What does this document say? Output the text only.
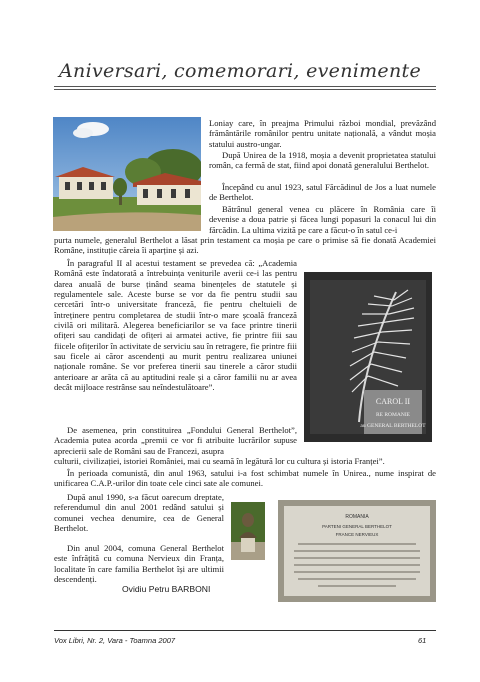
Aniversari, comemorari, evenimente
CAROL II
RE ROMANIE
au GENERAL BERTHELOT
ROMANIA
PARTENI GENERAL BERTHELOT
FRANCE NERVIEUX

Loniay care, în preajma Primului război mondial, prevăzând frământările românilor pentru unitate națională, a vândut moșia statului austro-ungar.

După Unirea de la 1918, moșia a devenit proprietatea statului român, ca fermă de stat, fiind apoi donată generalului Berthelot.

Începând cu anul 1923, satul Fărcădinul de Jos a luat numele de Berthelot.

Bătrânul general venea cu plăcere în România care îi devenise a doua patrie și făcea lungi popasuri la conacul lui din fărcădin. La ultima vizită pe care a făcut-o în satul ce-i

purta numele, generalul Berthelot a lăsat prin testament ca moșia pe care o primise să fie donată Academiei Române, instituție căreia îi aparține și azi.

În paragraful II al acestui testament se prevedea că: „Academia Română este îndatorată a întrebuința veniturile averii ce-i las pentru darea anuală de burse ținând seama binențeles de statutele și regulamentele sale. Aceste burse se vor da fie pentru studii sau cercetări într-o universitate franceză, fie pentru cheltuieli de întreținere pentru completarea de studii într-o mare școală franceză civilă ori militară. Alegerea beneficiarilor se va face printre tinerii ofițeri sau candidați de ofițeri ai armatei active, fie printre fiii sau fiicele ofițerilor în activitate de serviciu sau în retragere, fie printre fiii sau ficele ai căror ascendenți au murit pentru realizarea uniunei naționale române. Se vor preferea tinerii sau tinerele a căror studii anterioare ar arăta că au aptitudini reale și a căror familii nu ar avea decât mijloace restrânse sau neîndestulătoare”.

De asemenea, prin constituirea „Fondului General Berthelot”, Academia putea acorda „premii ce vor fi atribuite lucrărilor supuse aprecierii sale de Români sau de Francezi, asupra

culturii, civilizației, istoriei României, mai cu seamă în legătură lor cu cultura și istoria Franței”.

În perioada comunistă, din anul 1963, satului i-a fost schimbat numele în Unirea., nume inspirat de unificarea C.A.P.-urilor din toate cele cinci sate ale comunei.

După anul 1990, s-a făcut oarecum dreptate, referendumul din anul 2001 redând satului și comunei vechea denumire, cea de General Berthelot.

Din anul 2004, comuna General Berthelot este înfrățită cu comuna Nervieux din Franța, localitate în care familia Berthelot își are ultimii descendenți.

Ovidiu Petru BARBONI
Vox Libri, Nr. 2, Vara - Toamna 2007	61
